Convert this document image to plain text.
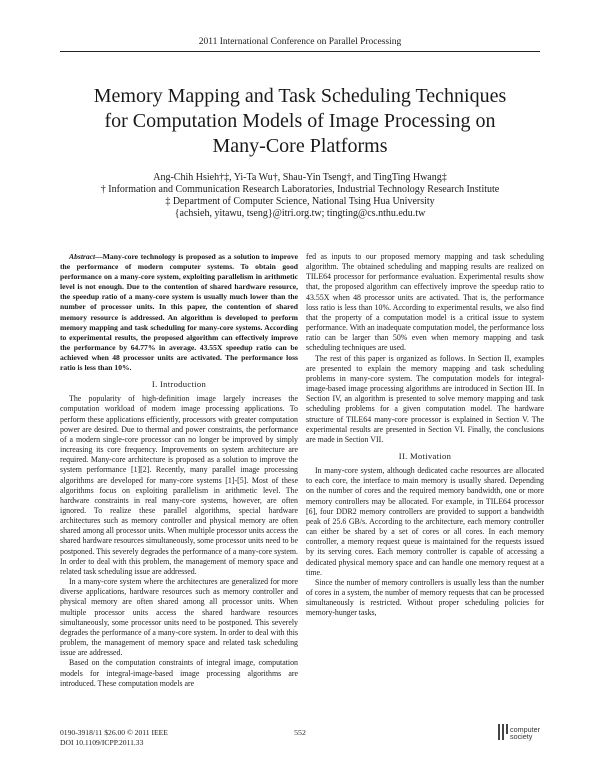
2011 International Conference on Parallel Processing
Memory Mapping and Task Scheduling Techniques
for Computation Models of Image Processing on
Many-Core Platforms
Ang-Chih Hsieh†‡, Yi-Ta Wu†, Shau-Yin Tseng†, and TingTing Hwang‡
† Information and Communication Research Laboratories, Industrial Technology Research Institute
‡ Department of Computer Science, National Tsing Hua University
{achsieh, yitawu, tseng}@itri.org.tw; tingting@cs.nthu.edu.tw

Abstract—Many-core technology is proposed as a solution to improve the performance of modern computer systems. To obtain good performance on a many-core system, exploiting parallelism in arithmetic level is not enough. Due to the contention of shared hardware resource, the speedup ratio of a many-core system is usually much lower than the number of processor units. In this paper, the contention of shared memory resource is addressed. An algorithm is developed to perform memory mapping and task scheduling for many-core systems. According to experimental results, the proposed algorithm can effectively improve the performance by 64.77% in average. 43.55X speedup ratio can be achieved when 48 processor units are activated. The performance loss ratio is less than 10%.

I. Introduction

The popularity of high-definition image largely increases the computation workload of modern image processing applications. To perform these applications efficiently, processors with greater computation power are desired. Due to thermal and power constraints, the performance of a modern single-core processor can no longer be improved by simply increasing its core frequency. Improvements on system architecture are required. Many-core architecture is proposed as a solution to improve the system performance [1][2]. Recently, many parallel image processing algorithms are developed for many-core systems [1]-[5]. Most of these algorithms focus on exploiting parallelism in arithmetic level. The hardware constraints in real many-core systems, however, are often ignored. To realize these parallel algorithms, special hardware architectures such as memory controller and physical memory are often shared among all processor units. When multiple processor units access the shared hardware resources simultaneously, some processor units need to be postponed. This severely degrades the performance of a many-core system. In order to deal with this problem, the management of memory space and related task scheduling issue are addressed.

In a many-core system where the architectures are generalized for more diverse applications, hardware resources such as memory controller and physical memory are often shared among all processor units. When multiple processor units access the shared hardware resources simultaneously, some processor units need to be postponed. This severely degrades the performance of a many-core system. In order to deal with this problem, the management of memory space and related task scheduling issue are addressed.

Based on the computation constraints of integral image, computation models for integral-image-based image processing algorithms are introduced. These computation models are

fed as inputs to our proposed memory mapping and task scheduling algorithm. The obtained scheduling and mapping results are realized on TILE64 processor for performance evaluation. Experimental results show that, the proposed algorithm can effectively improve the speedup ratio to 43.55X when 48 processor units are activated. That is, the performance loss ratio is less than 10%. According to experimental results, we also find that the property of a computation model is a critical issue to system performance. With an inadequate computation model, the performance loss ratio can be larger than 50% even when memory mapping and task scheduling techniques are used.

The rest of this paper is organized as follows. In Section II, examples are presented to explain the memory mapping and task scheduling problems in many-core system. The computation models for integral-image-based image processing algorithms are introduced in Section III. In Section IV, an algorithm is presented to solve memory mapping and task scheduling problems for a given computation model. The hardware structure of TILE64 many-core processor is explained in Section V. The experimental results are presented in Section VI. Finally, the conclusions are made in Section VII.

II. Motivation

In many-core system, although dedicated cache resources are allocated to each core, the interface to main memory is usually shared. Depending on the number of cores and the required memory bandwidth, one or more memory controllers may be allocated. For example, in TILE64 processor [6], four DDR2 memory controllers are provided to support a bandwidth peak of 25.6 GB/s. According to the architecture, each memory controller can either be shared by a set of cores or all cores. In each memory controller, a memory request queue is maintained for the requests issued by its serving cores. Each memory controller is capable of accessing a dedicated physical memory space and can handle one memory request at a time.

Since the number of memory controllers is usually less than the number of cores in a system, the number of memory requests that can be processed simultaneously is restricted. Without proper scheduling policies for memory-hunger tasks,

0190-3918/11 $26.00 © 2011 IEEE
DOI 10.1109/ICPP.2011.33
552	computer
society
